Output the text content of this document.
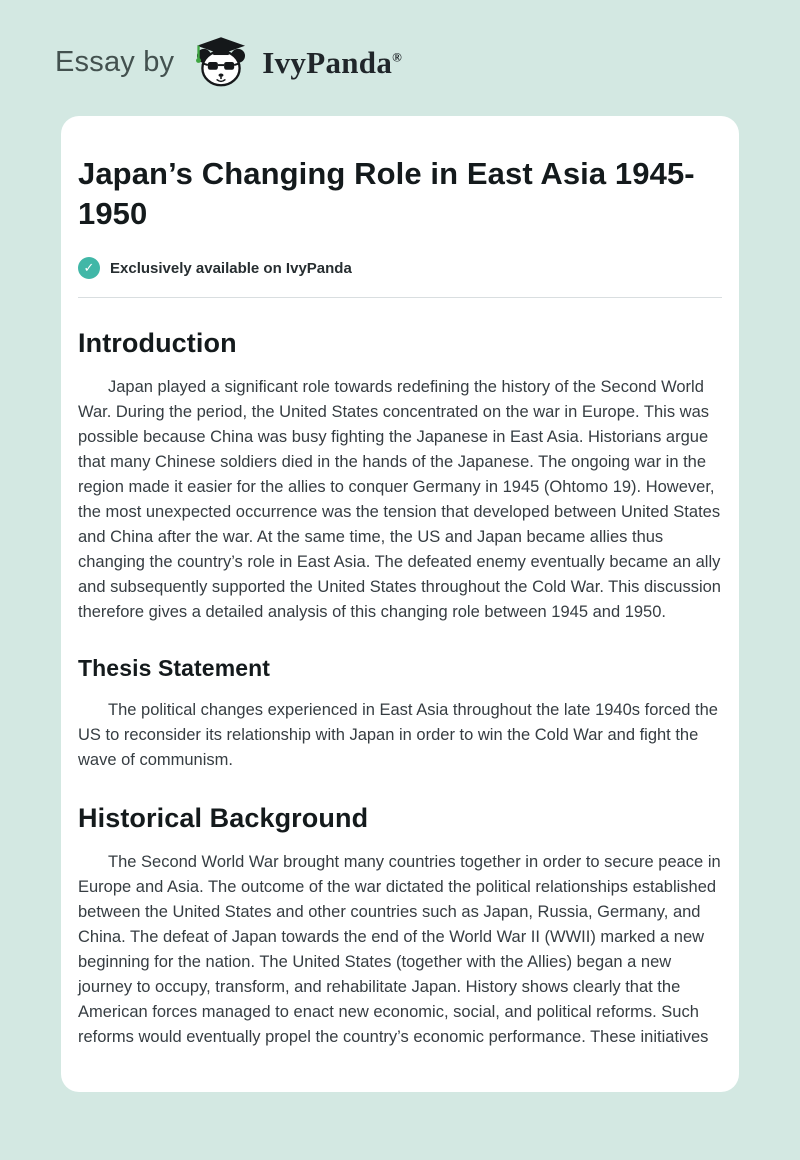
Essay by	IvyPanda®
Japan’s Changing Role in East Asia 1945-1950
✓	Exclusively available on IvyPanda
Introduction

Japan played a significant role towards redefining the history of the Second World War. During the period, the United States concentrated on the war in Europe. This was possible because China was busy fighting the Japanese in East Asia. Historians argue that many Chinese soldiers died in the hands of the Japanese. The ongoing war in the region made it easier for the allies to conquer Germany in 1945 (Ohtomo 19). However, the most unexpected occurrence was the tension that developed between United States and China after the war. At the same time, the US and Japan became allies thus changing the country’s role in East Asia. The defeated enemy eventually became an ally and subsequently supported the United States throughout the Cold War. This discussion therefore gives a detailed analysis of this changing role between 1945 and 1950.

Thesis Statement

The political changes experienced in East Asia throughout the late 1940s forced the US to reconsider its relationship with Japan in order to win the Cold War and fight the wave of communism.

Historical Background

The Second World War brought many countries together in order to secure peace in Europe and Asia. The outcome of the war dictated the political relationships established between the United States and other countries such as Japan, Russia, Germany, and China. The defeat of Japan towards the end of the World War II (WWII) marked a new beginning for the nation. The United States (together with the Allies) began a new journey to occupy, transform, and rehabilitate Japan. History shows clearly that the American forces managed to enact new economic, social, and political reforms. Such reforms would eventually propel the country’s economic performance. These initiatives
